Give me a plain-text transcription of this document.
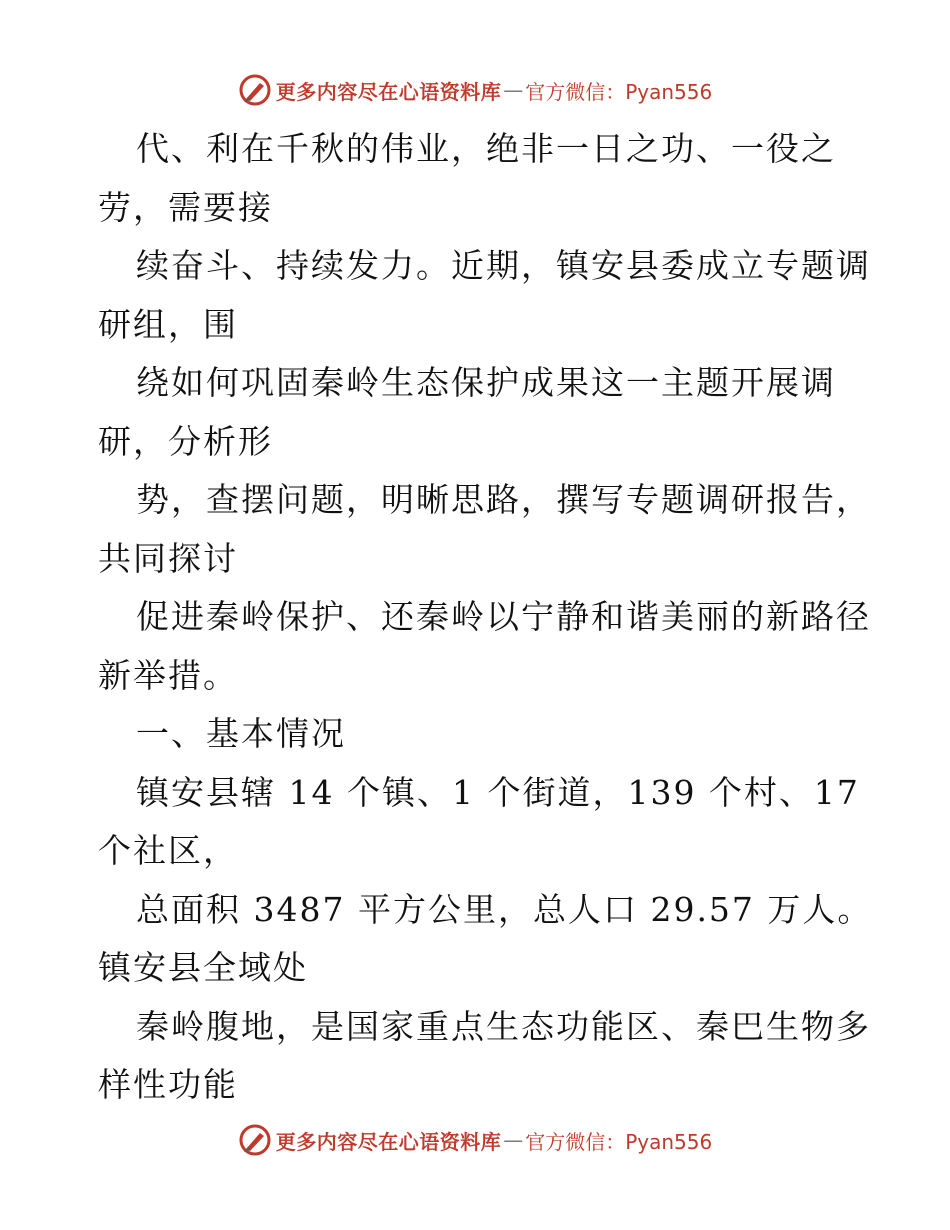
更多内容尽在心语资料库 — 官方微信：Pyan556
代、利在千秋的伟业，绝非一日之功、一役之
劳，需要接
续奋斗、持续发力。近期，镇安县委成立专题调
研组，围
绕如何巩固秦岭生态保护成果这一主题开展调
研，分析形
势，查摆问题，明晰思路，撰写专题调研报告，
共同探讨
促进秦岭保护、还秦岭以宁静和谐美丽的新路径
新举措。
一、基本情况
镇安县辖 14 个镇、1 个街道，139 个村、17
个社区，
总面积 3487 平方公里，总人口 29.57 万人。
镇安县全域处
秦岭腹地，是国家重点生态功能区、秦巴生物多
样性功能
更多内容尽在心语资料库 — 官方微信：Pyan556
